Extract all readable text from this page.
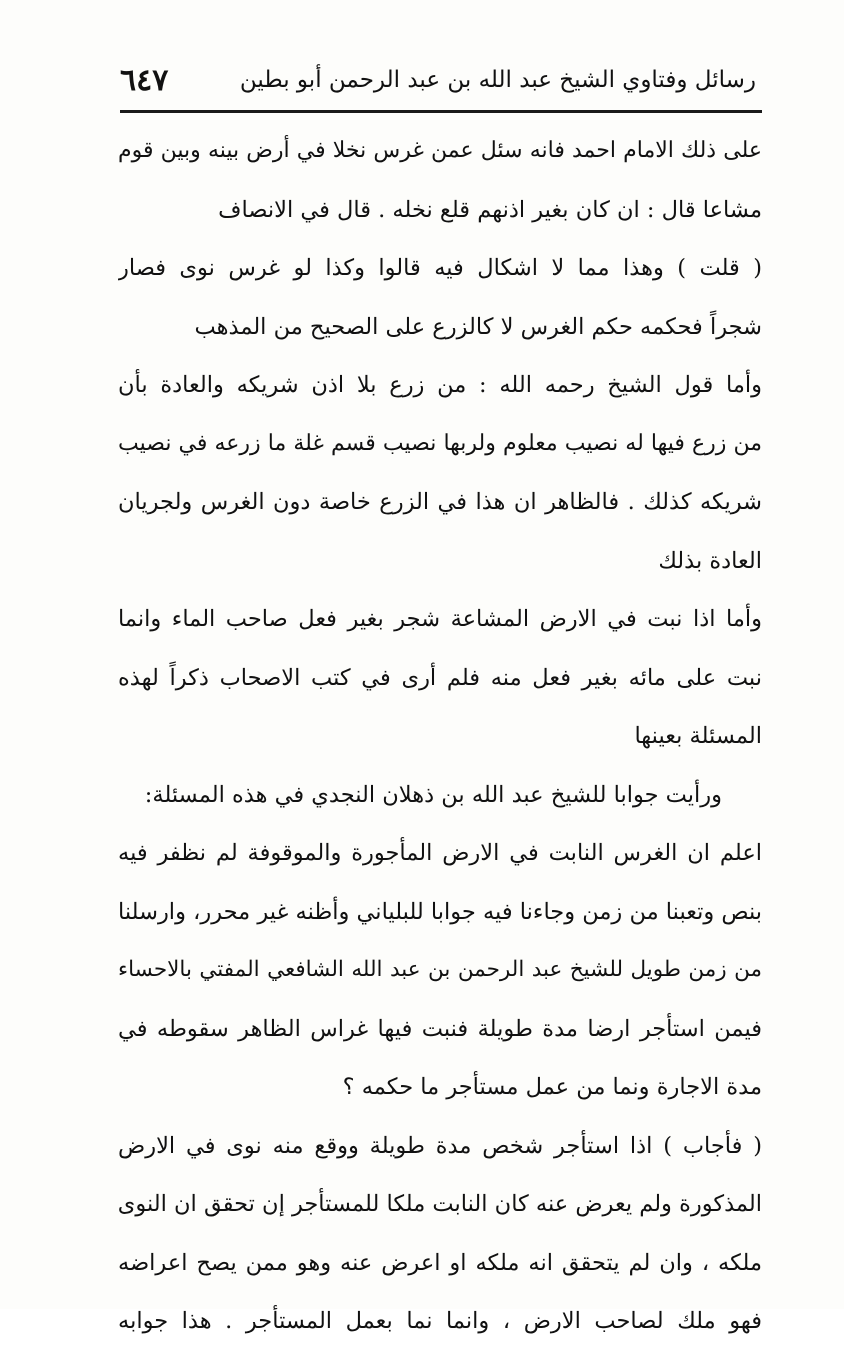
رسائل وفتاوي الشيخ عبد الله بن عبد الرحمن أبو بطين
٦٤٧
على ذلك الامام احمد فانه سئل عمن غرس نخلا في أرض بينه وبين قوم
مشاعا قال : ان كان بغير اذنهم قلع نخله . قال في الانصاف
( قلت ) وهذا مما لا اشكال فيه قالوا وكذا لو غرس نوى فصار
شجراً فحكمه حكم الغرس لا كالزرع على الصحيح من المذهب
وأما قول الشيخ رحمه الله : من زرع بلا اذن شريكه والعادة بأن
من زرع فيها له نصيب معلوم ولربها نصيب قسم غلة ما زرعه في نصيب
شريكه كذلك . فالظاهر ان هذا في الزرع خاصة دون الغرس ولجريان
العادة بذلك
وأما اذا نبت في الارض المشاعة شجر بغير فعل صاحب الماء وانما
نبت على مائه بغير فعل منه فلم أرى في كتب الاصحاب ذكراً لهذه
المسئلة بعينها
ورأيت جوابا للشيخ عبد الله بن ذهلان النجدي في هذه المسئلة:
اعلم ان الغرس النابت في الارض المأجورة والموقوفة لم نظفر فيه
بنص وتعبنا من زمن وجاءنا فيه جوابا للبلياني وأظنه غير محرر، وارسلنا
من زمن طويل للشيخ عبد الرحمن بن عبد الله الشافعي المفتي بالاحساء
فيمن استأجر ارضا مدة طويلة فنبت فيها غراس الظاهر سقوطه في
مدة الاجارة ونما من عمل مستأجر ما حكمه ؟
( فأجاب ) اذا استأجر شخص مدة طويلة ووقع منه نوى في الارض
المذكورة ولم يعرض عنه كان النابت ملكا للمستأجر إن تحقق ان النوى
ملكه ، وان لم يتحقق انه ملكه او اعرض عنه وهو ممن يصح اعراضه
فهو ملك لصاحب الارض ، وانما نما بعمل المستأجر . هذا جوابه
